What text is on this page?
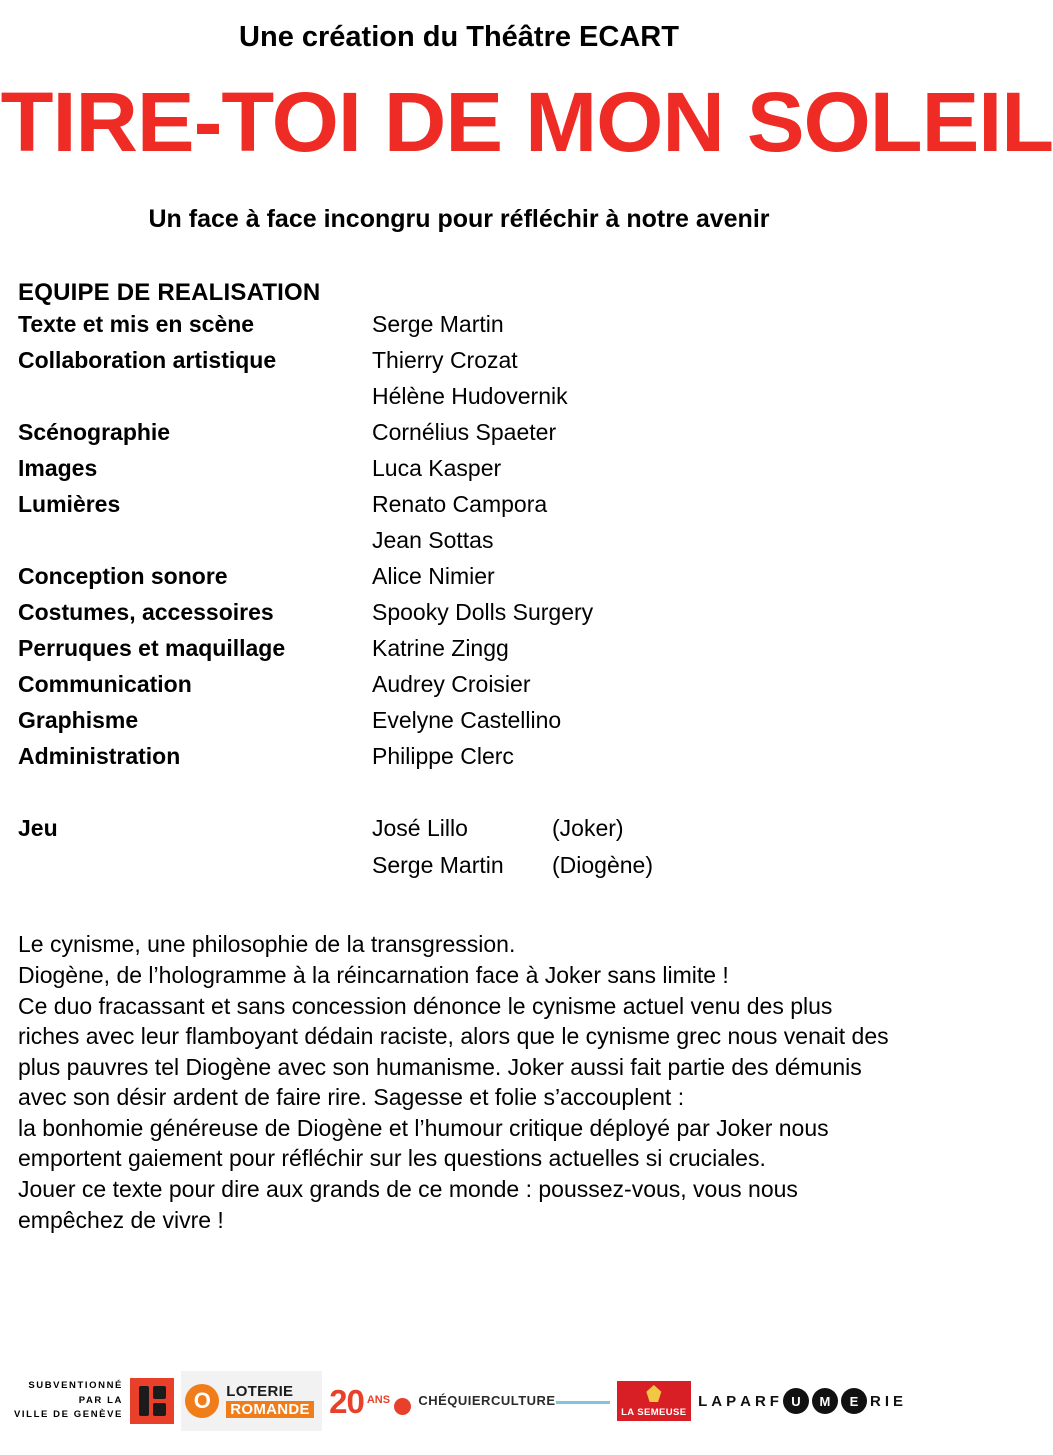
Une création du Théâtre ECART
TIRE-TOI DE MON SOLEIL
Un face à face incongru pour réfléchir à notre avenir
EQUIPE DE REALISATION
Texte et mis en scène	Serge Martin
Collaboration artistique	Thierry Crozat
Hélène Hudovernik
Scénographie	Cornélius Spaeter
Images	Luca Kasper
Lumières	Renato Campora
Jean Sottas
Conception sonore	Alice Nimier
Costumes, accessoires	Spooky Dolls Surgery
Perruques et maquillage	Katrine Zingg
Communication	Audrey Croisier
Graphisme	Evelyne Castellino
Administration	Philippe Clerc
Jeu	José Lillo	(Joker)
Serge Martin (Diogène)

Le cynisme, une philosophie de la transgression.

Diogène, de l’hologramme à la réincarnation face à Joker sans limite !

Ce duo fracassant et sans concession dénonce le cynisme actuel venu des plus riches avec leur flamboyant dédain raciste, alors que le cynisme grec nous venait des plus pauvres tel Diogène avec son humanisme. Joker aussi fait partie des démunis avec son désir ardent de faire rire. Sagesse et folie s’accouplent :

la bonhomie généreuse de Diogène et l’humour critique déployé par Joker nous emportent gaiement pour réfléchir sur les questions actuelles si cruciales.

Jouer ce texte pour dire aux grands de ce monde : poussez-vous, vous nous empêchez de vivre !

SUBVENTIONNÉ
PAR LA
VILLE DE GENÈVE
O	LOTERIE
ROMANDE 20 ANS CHÉQUIER CULTURE
LA SEMEUSE
L A P A R F U	M	E R I E
